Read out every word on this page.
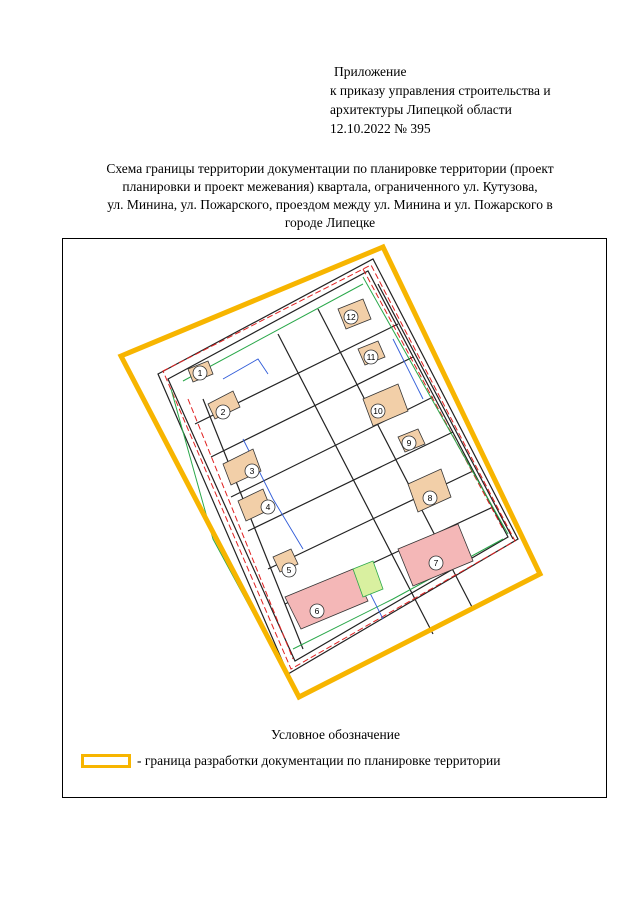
Приложение
к приказу управления строительства и
архитектуры Липецкой области
12.10.2022 № 395
Схема границы территории документации по планировке территории (проект
планировки и проект межевания) квартала, ограниченного ул. Кутузова,
ул. Минина, ул. Пожарского, проездом между ул. Минина и ул. Пожарского в
городе Липецке
1
2
3
4
5
6
7
8
9
10
11
12
Условное обозначение
- граница разработки документации по планировке территории
